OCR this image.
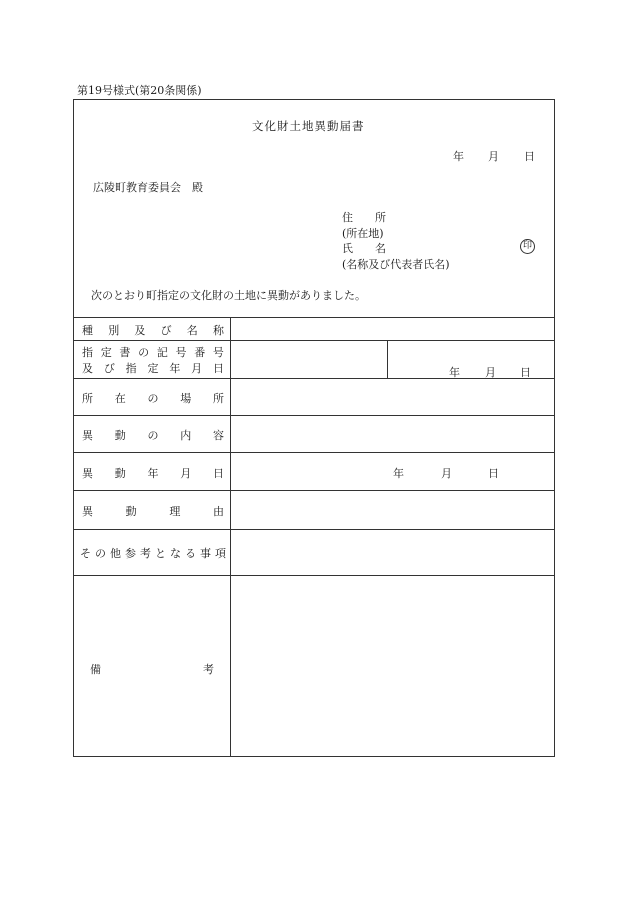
第19号様式(第20条関係)
文化財土地異動届書
年 月 日
広陵町教育委員会　殿
住　　所
(所在地)
氏　　名
(名称及び代表者氏名)
印
次のとおり町指定の文化財の土地に異動がありました。
種 別 及 び 名 称
指 定 書 の 記 号 番 号
及 び 指 定 年 月 日	年 月 日
所 在 の 場 所
異 動 の 内 容
異 動 年 月 日	年	月	日
異	動	理	由
そ の 他 参 考 と な る 事 項
備	考
